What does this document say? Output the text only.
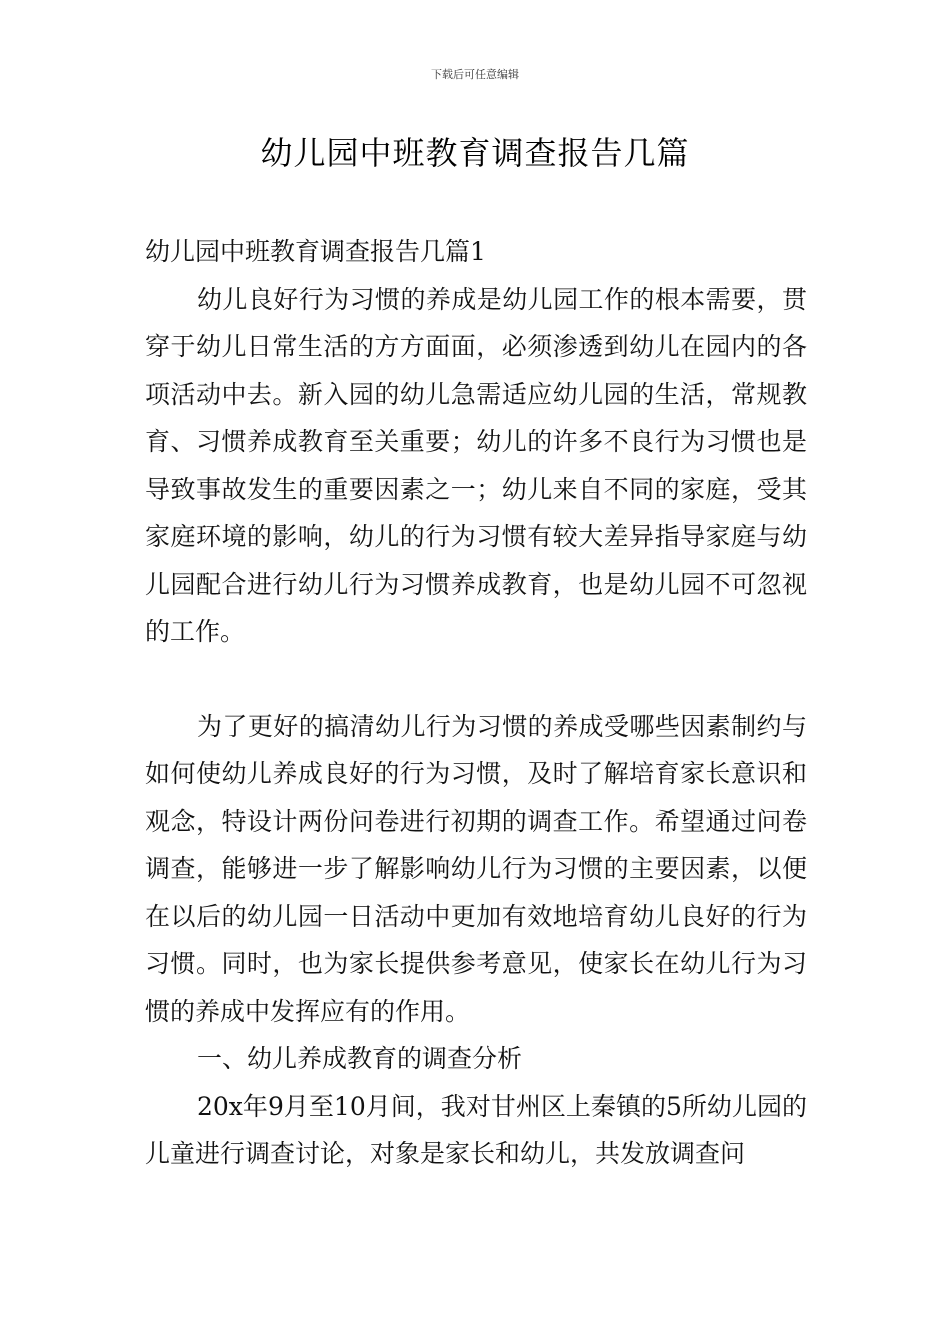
下载后可任意编辑
幼儿园中班教育调查报告几篇

幼儿园中班教育调查报告几篇1

幼儿良好行为习惯的养成是幼儿园工作的根本需要，贯穿于幼儿日常生活的方方面面，必须渗透到幼儿在园内的各项活动中去。新入园的幼儿急需适应幼儿园的生活，常规教育、习惯养成教育至关重要；幼儿的许多不良行为习惯也是导致事故发生的重要因素之一；幼儿来自不同的家庭，受其家庭环境的影响，幼儿的行为习惯有较大差异指导家庭与幼儿园配合进行幼儿行为习惯养成教育，也是幼儿园不可忽视的工作。

为了更好的搞清幼儿行为习惯的养成受哪些因素制约与如何使幼儿养成良好的行为习惯，及时了解培育家长意识和观念，特设计两份问卷进行初期的调查工作。希望通过问卷调查，能够进一步了解影响幼儿行为习惯的主要因素，以便在以后的幼儿园一日活动中更加有效地培育幼儿良好的行为习惯。同时，也为家长提供参考意见，使家长在幼儿行为习惯的养成中发挥应有的作用。

一、幼儿养成教育的调查分析

20x年9月至10月间，我对甘州区上秦镇的5所幼儿园的儿童进行调查讨论，对象是家长和幼儿，共发放调查问
